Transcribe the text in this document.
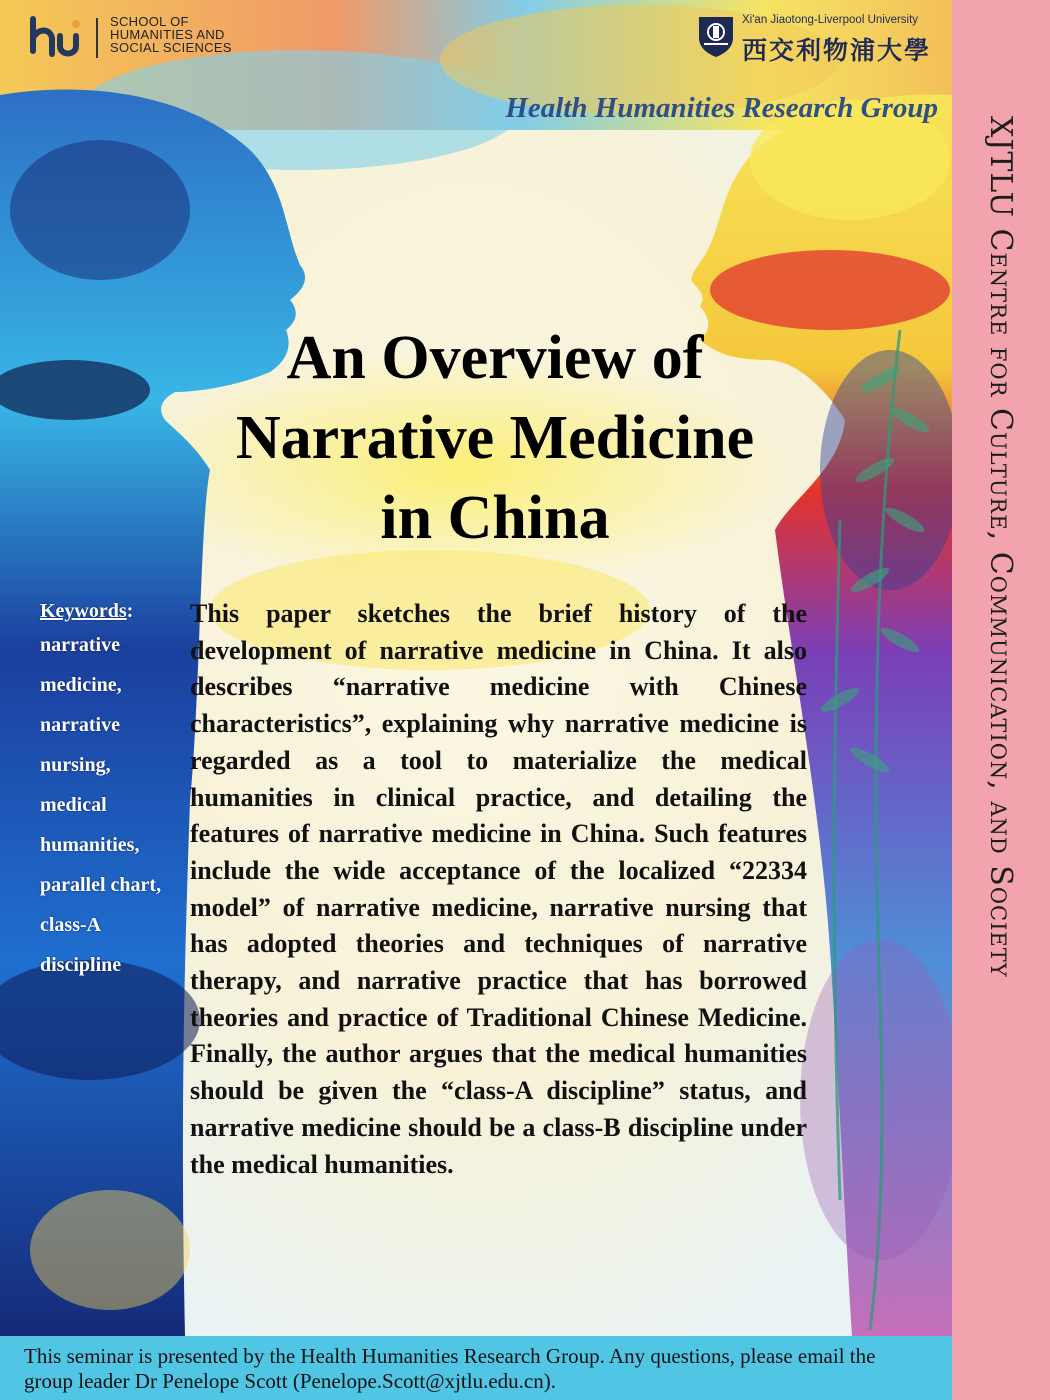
SCHOOL OF
HUMANITIES AND
SOCIAL SCIENCES
Xi'an Jiaotong-Liverpool University
西交利物浦大學
Health Humanities Research Group
XJTLU Centre for Culture, Communication, and Society
An Overview of
Narrative Medicine
in China
Keywords:
narrative
medicine,
narrative
nursing,
medical
humanities,
parallel chart,
class-A
discipline

This paper sketches the brief history of the development of narrative medicine in China. It also describes “narrative medicine with Chinese characteristics”, explaining why narrative medicine is regarded as a tool to materialize the medical humanities in clinical practice, and detailing the features of narrative medicine in China. Such features include the wide acceptance of the localized “22334 model” of narrative medicine, narrative nursing that has adopted theories and techniques of narrative therapy, and narrative practice that has borrowed theories and practice of Traditional Chinese Medicine. Finally, the author argues that the medical humanities should be given the “class-A discipline” status, and narrative medicine should be a class-B discipline under the medical humanities.

This seminar is presented by the Health Humanities Research Group. Any questions, please email the group leader Dr Penelope Scott (Penelope.Scott@xjtlu.edu.cn).
